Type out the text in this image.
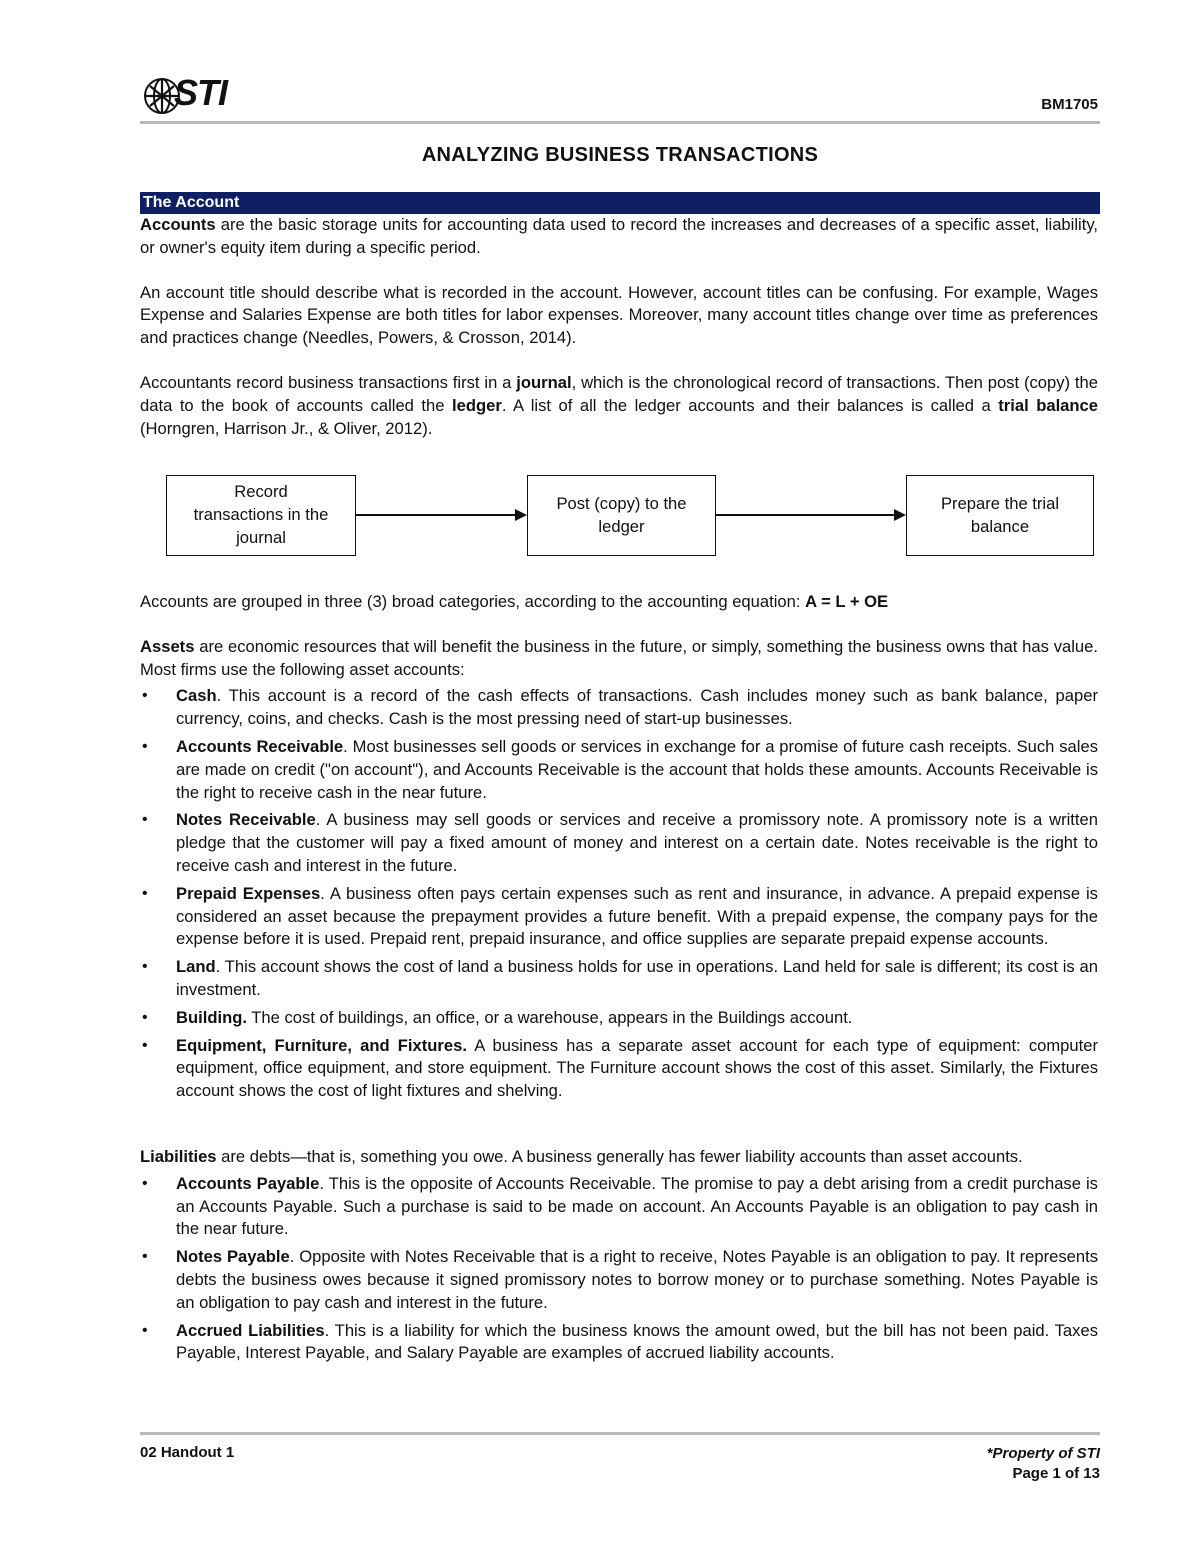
STI	BM1705
ANALYZING BUSINESS TRANSACTIONS
The Account

Accounts are the basic storage units for accounting data used to record the increases and decreases of a specific asset, liability, or owner's equity item during a specific period.

An account title should describe what is recorded in the account. However, account titles can be confusing. For example, Wages Expense and Salaries Expense are both titles for labor expenses. Moreover, many account titles change over time as preferences and practices change (Needles, Powers, & Crosson, 2014).

Accountants record business transactions first in a journal, which is the chronological record of transactions. Then post (copy) the data to the book of accounts called the ledger. A list of all the ledger accounts and their balances is called a trial balance (Horngren, Harrison Jr., & Oliver, 2012).

Record transactions in the journal
Post (copy) to the ledger
Prepare the trial balance

Accounts are grouped in three (3) broad categories, according to the accounting equation: A = L + OE

Assets are economic resources that will benefit the business in the future, or simply, something the business owns that has value. Most firms use the following asset accounts:

• Cash. This account is a record of the cash effects of transactions. Cash includes money such as bank balance, paper currency, coins, and checks. Cash is the most pressing need of start-up businesses.
• Accounts Receivable. Most businesses sell goods or services in exchange for a promise of future cash receipts. Such sales are made on credit ("on account"), and Accounts Receivable is the account that holds these amounts. Accounts Receivable is the right to receive cash in the near future.
• Notes Receivable. A business may sell goods or services and receive a promissory note. A promissory note is a written pledge that the customer will pay a fixed amount of money and interest on a certain date. Notes receivable is the right to receive cash and interest in the future.
• Prepaid Expenses. A business often pays certain expenses such as rent and insurance, in advance. A prepaid expense is considered an asset because the prepayment provides a future benefit. With a prepaid expense, the company pays for the expense before it is used. Prepaid rent, prepaid insurance, and office supplies are separate prepaid expense accounts.
• Land. This account shows the cost of land a business holds for use in operations. Land held for sale is different; its cost is an investment.
• Building. The cost of buildings, an office, or a warehouse, appears in the Buildings account.
• Equipment, Furniture, and Fixtures. A business has a separate asset account for each type of equipment: computer equipment, office equipment, and store equipment. The Furniture account shows the cost of this asset. Similarly, the Fixtures account shows the cost of light fixtures and shelving.

Liabilities are debts—that is, something you owe. A business generally has fewer liability accounts than asset accounts.

• Accounts Payable. This is the opposite of Accounts Receivable. The promise to pay a debt arising from a credit purchase is an Accounts Payable. Such a purchase is said to be made on account. An Accounts Payable is an obligation to pay cash in the near future.
• Notes Payable. Opposite with Notes Receivable that is a right to receive, Notes Payable is an obligation to pay. It represents debts the business owes because it signed promissory notes to borrow money or to purchase something. Notes Payable is an obligation to pay cash and interest in the future.
• Accrued Liabilities. This is a liability for which the business knows the amount owed, but the bill has not been paid. Taxes Payable, Interest Payable, and Salary Payable are examples of accrued liability accounts.
02 Handout 1	*Property of STI
Page 1 of 13
